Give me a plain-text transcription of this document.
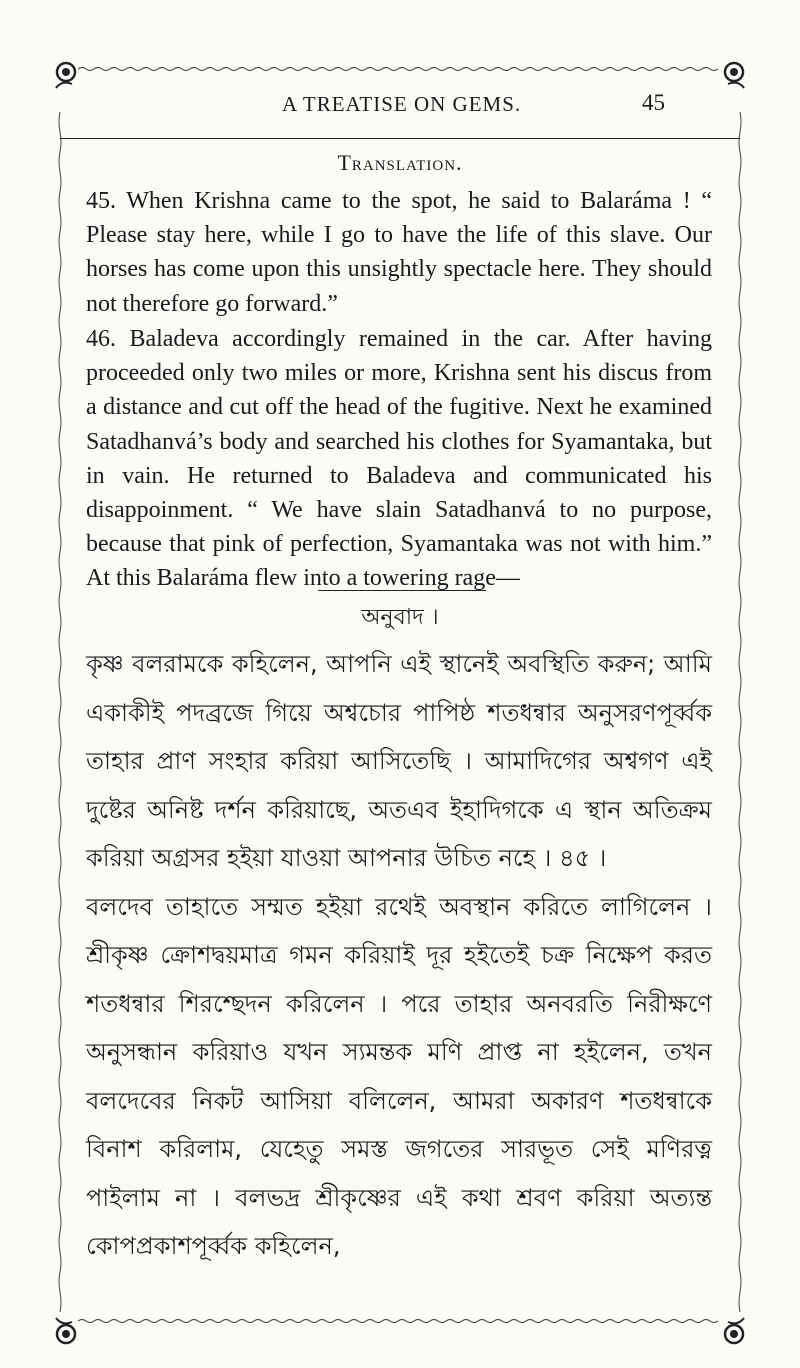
A TREATISE ON GEMS.	45
Translation.

45. When Krishna came to the spot, he said to Balaráma ! “ Please stay here, while I go to have the life of this slave. Our horses has come upon this unsightly spectacle here. They should not therefore go forward.”

46. Baladeva accordingly remained in the car. After having proceeded only two miles or more, Krishna sent his discus from a distance and cut off the head of the fugitive. Next he examined Satadhanvá’s body and searched his clothes for Syamantaka, but in vain. He returned to Baladeva and communicated his disappoinment. “ We have slain Satadhanvá to no purpose, because that pink of perfection, Syamantaka was not with him.” At this Balaráma flew into a towering rage—

অনুবাদ ।

কৃষ্ণ বলরামকে কহিলেন, আপনি এই স্থানেই অবস্থিতি করুন; আমি একাকীই পদব্রজে গিয়ে অশ্বচোর পাপিষ্ঠ শতধন্বার অনুসরণপূর্ব্বক তাহার প্রাণ সংহার করিয়া আসিতেছি । আমাদিগের অশ্বগণ এই দুষ্টের অনিষ্ট দর্শন করিয়াছে, অতএব ইহাদিগকে এ স্থান অতিক্রম করিয়া অগ্রসর হইয়া যাওয়া আপনার উচিত নহে । ৪৫ ।

বলদেব তাহাতে সম্মত হইয়া রথেই অবস্থান করিতে লাগিলেন । শ্রীকৃষ্ণ ক্রোশদ্বয়মাত্র গমন করিয়াই দূর হইতেই চক্র নিক্ষেপ করত শতধন্বার শিরশ্ছেদন করিলেন । পরে তাহার অনবরতি নিরীক্ষণে অনুসন্ধান করিয়াও যখন স্যমন্তক মণি প্রাপ্ত না হইলেন, তখন বলদেবের নিকট আসিয়া বলিলেন, আমরা অকারণ শতধন্বাকে বিনাশ করিলাম, যেহেতু সমস্ত জগতের সারভূত সেই মণিরত্ন পাইলাম না । বলভদ্র শ্রীকৃষ্ণের এই কথা শ্রবণ করিয়া অত্যন্ত কোপপ্রকাশপূর্ব্বক কহিলেন,
